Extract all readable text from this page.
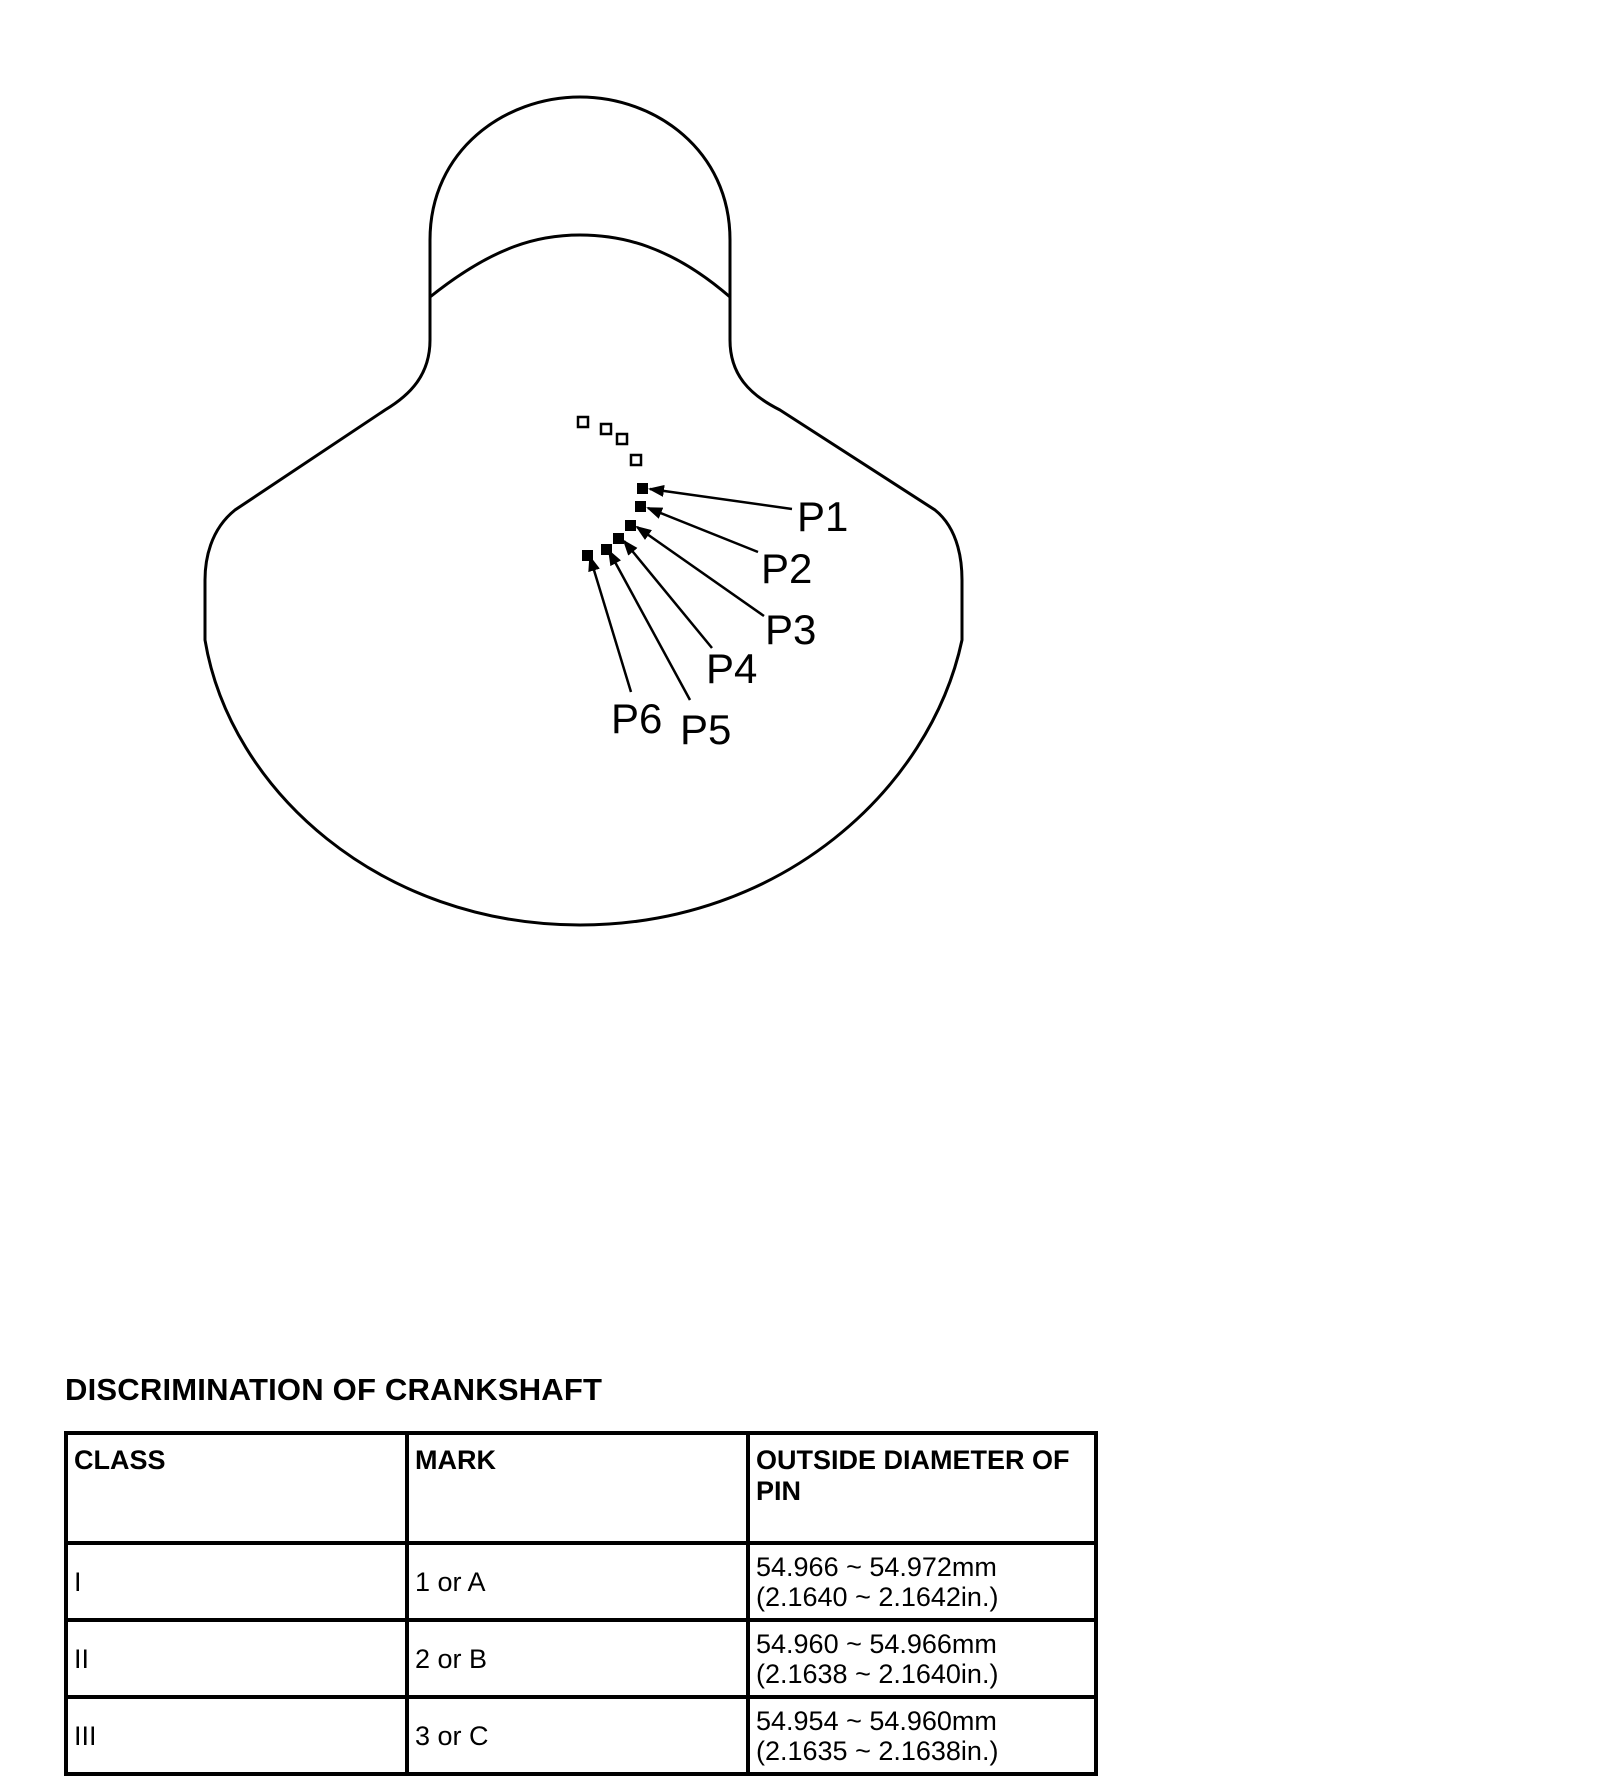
P1
P2
P3
P4
P5
P6
DISCRIMINATION OF CRANKSHAFT
CLASS	MARK	OUTSIDE DIAMETER OF PIN
I	1 or A	54.966 ~ 54.972mm
(2.1640 ~ 2.1642in.)

II	2 or B	54.960 ~ 54.966mm
(2.1638 ~ 2.1640in.)

III	3 or C	54.954 ~ 54.960mm
(2.1635 ~ 2.1638in.)
